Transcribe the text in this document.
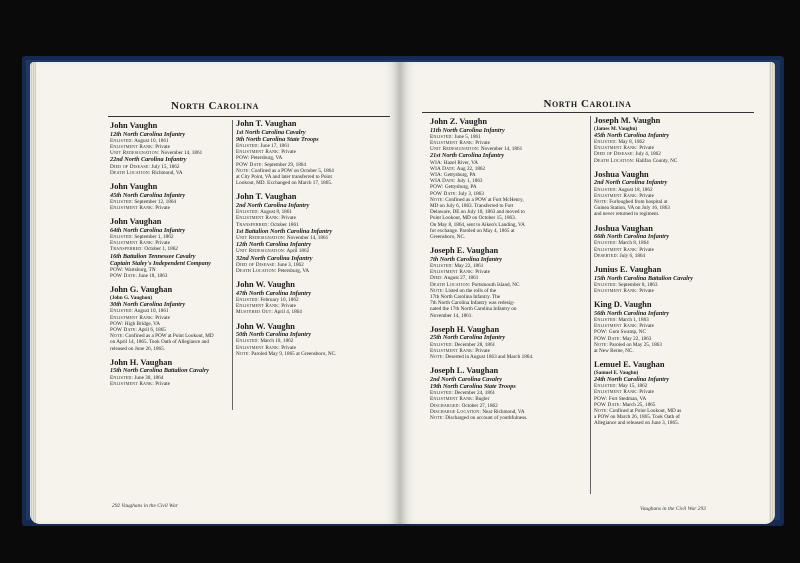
North Carolina
John Vaughn
12th North Carolina Infantry
Enlisted: August 10, 1861
Enlistment Rank: Private
Unit Redesignation: November 14, 1861
22nd North Carolina Infantry
Died of Disease: July 15, 1862
Death Location: Richmond, VA
John Vaughn
45th North Carolina Infantry
Enlisted: September 12, 1864
Enlistment Rank: Private
John Vaughan
64th North Carolina Infantry
Enlisted: September 1, 1862
Enlistment Rank: Private
Transferred: October 1, 1862
16th Battalion Tennessee Cavalry
Captain Staley's Independent Company
POW: Wartsburg, TN
POW Date: June 18, 1863
John G. Vaughan
(John G. Vaughon)
30th North Carolina Infantry
Enlisted: August 10, 1861
Enlistment Rank: Private
POW: High Bridge, VA
POW Date: April 6, 1865
Note: Confined as a POW at Point Lookout, MD
on April 14, 1865. Took Oath of Allegiance and
released on June 26, 1865.
John H. Vaughan
15th North Carolina Battalion Cavalry
Enlisted: June 30, 1864
Enlistment Rank: Private
John T. Vaughan
1st North Carolina Cavalry
9th North Carolina State Troops
Enlisted: June 17, 1861
Enlistment Rank: Private
POW: Petersburg, VA
POW Date: September 29, 1864
Note: Confined as a POW on October 5, 1864
at City Point, VA and later transferred to Point
Lookout, MD. Exchanged on March 17, 1865.
John T. Vaughan
2nd North Carolina Infantry
Enlisted: August 8, 1861
Enlistment Rank: Private
Transferred: October 1861
1st Battalion North Carolina Infantry
Unit Redesignation: November 14, 1861
12th North Carolina Infantry
Unit Redesignation: April 1862
32nd North Carolina Infantry
Died of Disease: June 3, 1862
Death Location: Petersburg, VA
John W. Vaughn
47th North Carolina Infantry
Enlisted: February 10, 1862
Enlistment Rank: Private
Mustered Out: April 4, 1864
John W. Vaughn
50th North Carolina Infantry
Enlisted: March 10, 1862
Enlistment Rank: Private
Note: Paroled May 9, 1865 at Greensboro, NC.
292 Vaughans in the Civil War
North Carolina
John Z. Vaughn
11th North Carolina Infantry
Enlisted: June 5, 1861
Enlistment Rank: Private
Unit Redesignation: November 14, 1861
21st North Carolina Infantry
WIA: Hazel River, VA
WIA Date: Aug 22, 1862
WIA: Gettysburg, PA
WIA Date: July 1, 1863
POW: Gettysburg, PA
POW Date: July 3, 1863
Note: Confined as a POW at Fort McHenry,
MD on July 6, 1863. Transferred to Fort
Delaware, DE on July 10, 1863 and moved to
Point Lookout, MD on October 15, 1863.
On May 8, 1864, sent to Aiken's Landing, VA
for exchange. Paroled on May 4, 1865 at
Greensboro, NC.
Joseph E. Vaughan
7th North Carolina Infantry
Enlisted: May 22, 1861
Enlistment Rank: Private
Died: August 27, 1861
Death Location: Portsmouth Island, NC
Note: Listed on the rolls of the
17th North Carolina Infantry. The
7th North Carolina Infantry was redesig-
nated the 17th North Carolina Infantry on
November 14, 1861.
Joseph H. Vaughan
25th North Carolina Infantry
Enlisted: December 28, 1861
Enlistment Rank: Private
Note: Deserted in August 1863 and March 1864.
Joseph L. Vaughan
2nd North Carolina Cavalry
19th North Carolina State Troops
Enlisted: December 24, 1861
Enlistment Rank: Bugler
Discharged: October 27, 1862
Discharge Location: Near Richmond, VA
Note: Discharged on account of youthfulness.
Joseph M. Vaughn
(James M. Vaughn)
45th North Carolina Infantry
Enlisted: May 8, 1862
Enlistment Rank: Private
Died of Disease: July 4, 1862
Death Location: Halifax County, NC
Joshua Vaughn
2nd North Carolina Infantry
Enlisted: August 18, 1862
Enlistment Rank: Private
Note: Furloughed from hospital at
Guinea Station, VA on July 16, 1863
and never returned to regiment.
Joshua Vaughan
66th North Carolina Infantry
Enlisted: March 8, 1864
Enlistment Rank: Private
Deserted: July 6, 1864
Junius E. Vaughan
15th North Carolina Battalion Cavalry
Enlisted: September 8, 1863
Enlistment Rank: Private
King D. Vaughn
56th North Carolina Infantry
Enlisted: March 1, 1863
Enlistment Rank: Private
POW: Gum Swamp, NC
POW Date: May 22, 1863
Note: Paroled on May 25, 1863
at New Berne, NC.
Lemuel E. Vaughan
(Samuel E. Vaughn)
24th North Carolina Infantry
Enlisted: May 15, 1862
Enlistment Rank: Private
POW: Fort Stedman, VA
POW Date: March 25, 1865
Note: Confined at Point Lookout, MD as
a POW on March 26, 1865. Took Oath of
Allegiance and released on June 3, 1865.
Vaughans in the Civil War 293
